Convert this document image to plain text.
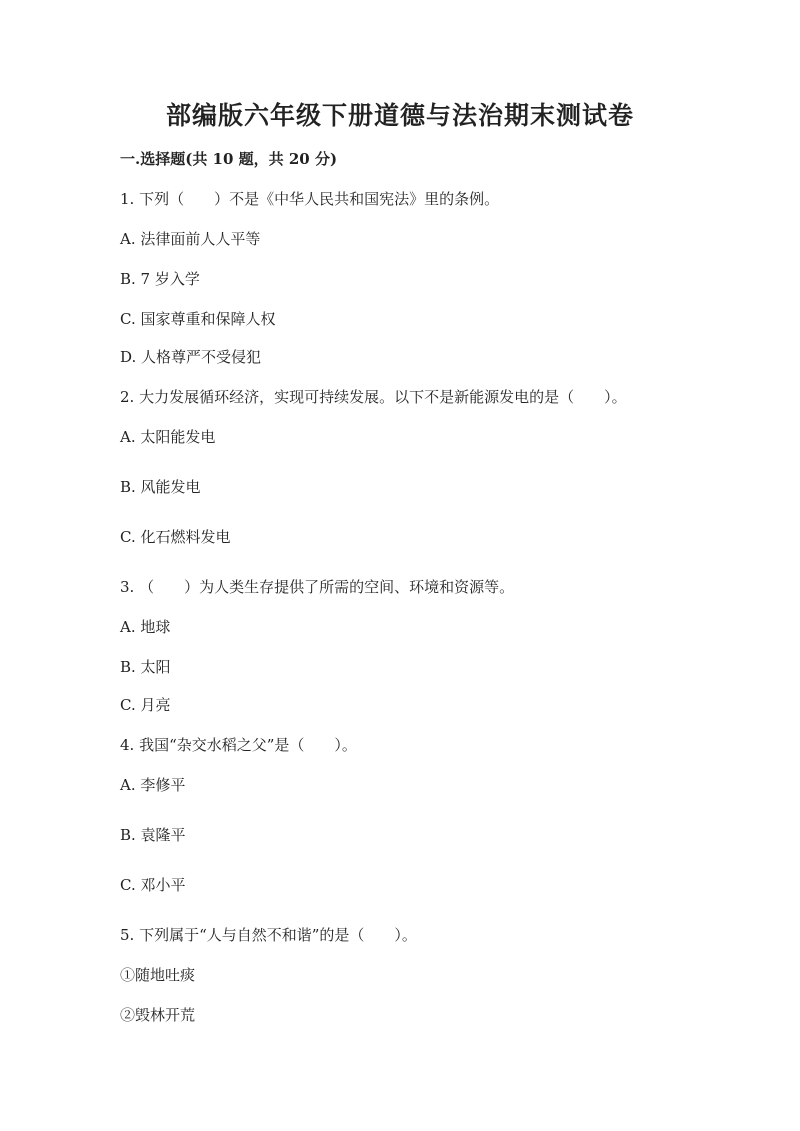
部编版六年级下册道德与法治期末测试卷
一.选择题(共 10 题，共 20 分)
1. 下列（　　）不是《中华人民共和国宪法》里的条例。
A. 法律面前人人平等
B. 7 岁入学
C. 国家尊重和保障人权
D. 人格尊严不受侵犯
2. 大力发展循环经济，实现可持续发展。以下不是新能源发电的是（　　）。
A. 太阳能发电
B. 风能发电
C. 化石燃料发电
3. （　　）为人类生存提供了所需的空间、环境和资源等。
A. 地球
B. 太阳
C. 月亮
4. 我国“杂交水稻之父”是（　　）。
A. 李修平
B. 袁隆平
C. 邓小平
5. 下列属于“人与自然不和谐”的是（　　）。
①随地吐痰
②毁林开荒
